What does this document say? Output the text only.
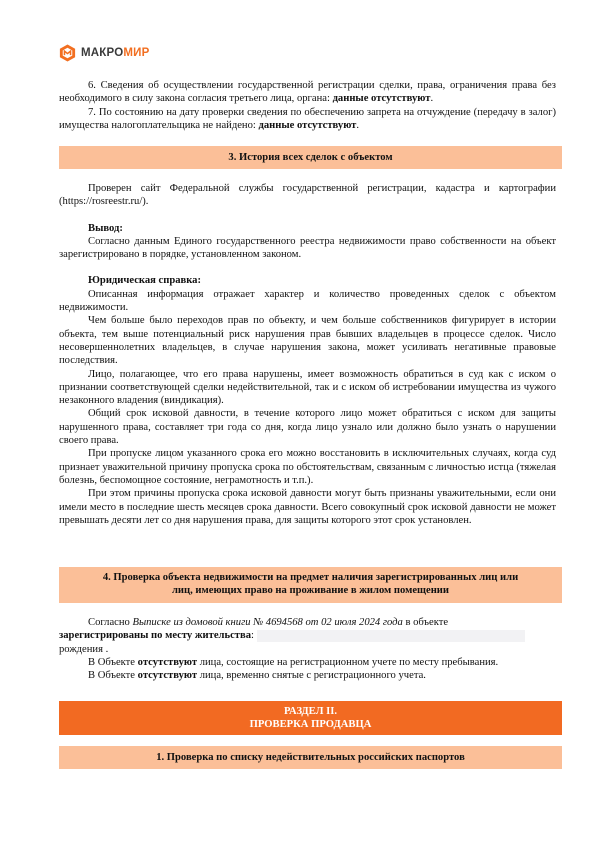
МАКРОМИР

6. Сведения об осуществлении государственной регистрации сделки, права, ограничения права без необходимого в силу закона согласия третьего лица, органа: данные отсутствуют.

7. По состоянию на дату проверки сведения по обеспечению запрета на отчуждение (передачу в залог) имущества налогоплательщика не найдено: данные отсутствуют.

3. История всех сделок с объектом

Проверен сайт Федеральной службы государственной регистрации, кадастра и картографии (https://rosreestr.ru/).

Вывод:

Согласно данным Единого государственного реестра недвижимости право собственности на объект зарегистрировано в порядке, установленном законом.

Юридическая справка:

Описанная информация отражает характер и количество проведенных сделок с объектом недвижимости.

Чем больше было переходов прав по объекту, и чем больше собственников фигурирует в истории объекта, тем выше потенциальный риск нарушения прав бывших владельцев в процессе сделок. Число несовершеннолетних владельцев, в случае нарушения закона, может усиливать негативные правовые последствия.

Лицо, полагающее, что его права нарушены, имеет возможность обратиться в суд как с иском о признании соответствующей сделки недействительной, так и с иском об истребовании имущества из чужого незаконного владения (виндикация).

Общий срок исковой давности, в течение которого лицо может обратиться с иском для защиты нарушенного права, составляет три года со дня, когда лицо узнало или должно было узнать о нарушении своего права.

При пропуске лицом указанного срока его можно восстановить в исключительных случаях, когда суд признает уважительной причину пропуска срока по обстоятельствам, связанным с личностью истца (тяжелая болезнь, беспомощное состояние, неграмотность и т.п.).

При этом причины пропуска срока исковой давности могут быть признаны уважительными, если они имели место в последние шесть месяцев срока давности. Всего совокупный срок исковой давности не может превышать десяти лет со дня нарушения права, для защиты которого этот срок установлен.

4. Проверка объекта недвижимости на предмет наличия зарегистрированных лиц или
лиц, имеющих право на проживание в жилом помещении

Согласно Выписке из домовой книги № 4694568 от 02 июля 2024 года в объекте

зарегистрированы по месту жительства:

рождения .

В Объекте отсутствуют лица, состоящие на регистрационном учете по месту пребывания.

В Объекте отсутствуют лица, временно снятые с регистрационного учета.

РАЗДЕЛ II.
ПРОВЕРКА ПРОДАВЦА
1. Проверка по списку недействительных российских паспортов
